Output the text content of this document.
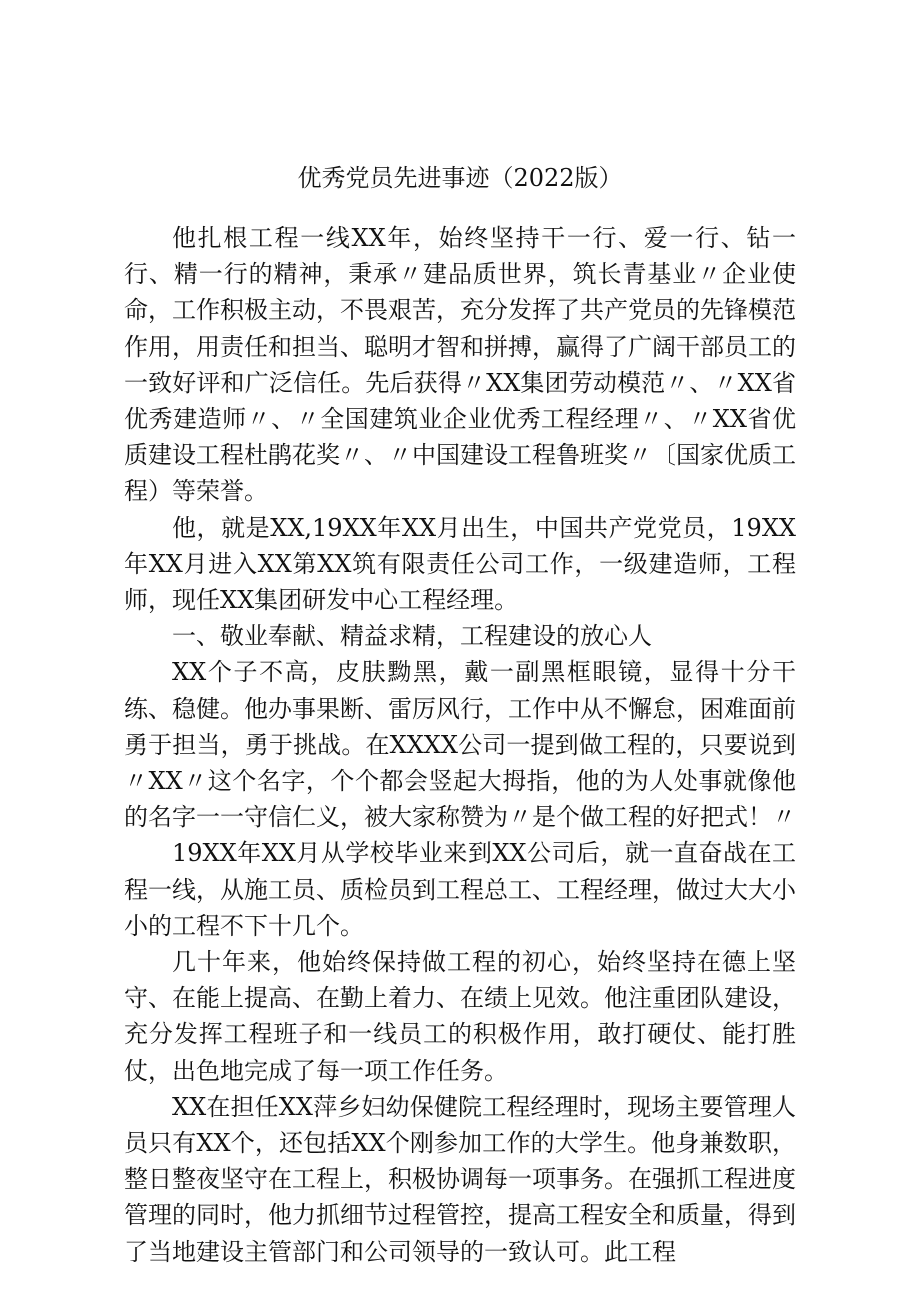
优秀党员先进事迹（2022版）

他扎根工程一线XX年，始终坚持干一行、爱一行、钻一行、精一行的精神，秉承〃建品质世界，筑长青基业〃企业使命，工作积极主动，不畏艰苦，充分发挥了共产党员的先锋模范作用，用责任和担当、聪明才智和拼搏，赢得了广阔干部员工的一致好评和广泛信任。先后获得〃XX集团劳动模范〃、〃XX省优秀建造师〃、〃全国建筑业企业优秀工程经理〃、〃XX省优质建设工程杜鹃花奖〃、〃中国建设工程鲁班奖〃〔国家优质工程）等荣誉。

他，就是XX,19XX年XX月出生，中国共产党党员，19XX年XX月进入XX第XX筑有限责任公司工作，一级建造师，工程师，现任XX集团研发中心工程经理。

一、敬业奉献、精益求精，工程建设的放心人

XX个子不高，皮肤黝黑，戴一副黑框眼镜，显得十分干练、稳健。他办事果断、雷厉风行，工作中从不懈怠，困难面前勇于担当，勇于挑战。在XXXX公司一提到做工程的，只要说到〃XX〃这个名字，个个都会竖起大拇指，他的为人处事就像他的名字一一守信仁义，被大家称赞为〃是个做工程的好把式！〃

19XX年XX月从学校毕业来到XX公司后，就一直奋战在工程一线，从施工员、质检员到工程总工、工程经理，做过大大小小的工程不下十几个。

几十年来，他始终保持做工程的初心，始终坚持在德上坚守、在能上提高、在勤上着力、在绩上见效。他注重团队建设，充分发挥工程班子和一线员工的积极作用，敢打硬仗、能打胜仗，出色地完成了每一项工作任务。

XX在担任XX萍乡妇幼保健院工程经理时，现场主要管理人员只有XX个，还包括XX个刚参加工作的大学生。他身兼数职，整日整夜坚守在工程上，积极协调每一项事务。在强抓工程进度管理的同时，他力抓细节过程管控，提高工程安全和质量，得到了当地建设主管部门和公司领导的一致认可。此工程
